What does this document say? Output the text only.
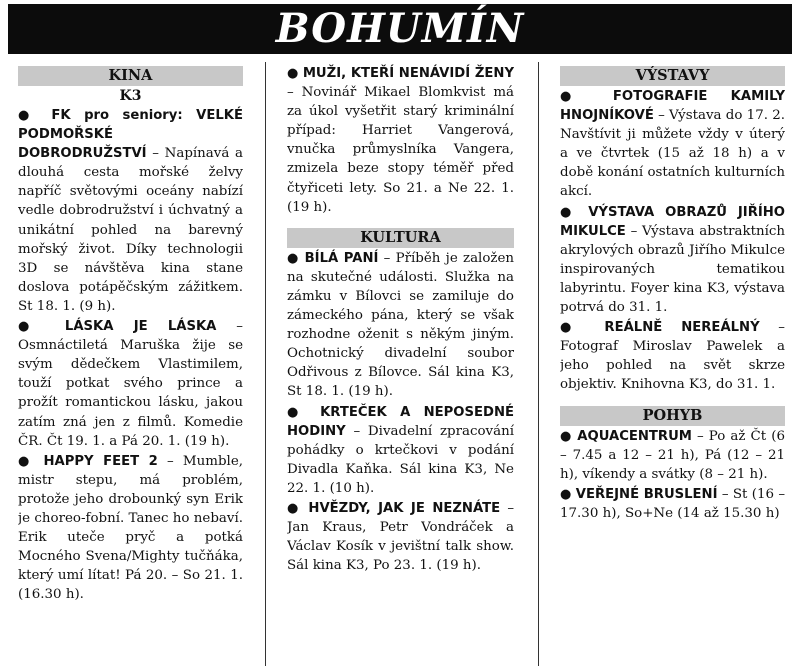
BOHUMÍN
KINA
K3

● FK pro seniory: VELKÉ PODMOŘSKÉ DOBRODRUŽSTVÍ – Napínavá a dlouhá cesta mořské želvy napříč světovými oceány nabízí vedle dobrodružství i úchvatný a unikátní pohled na barevný mořský život. Díky technologii 3D se návštěva kina stane doslova potápěčským zážitkem. St 18. 1. (9 h).

● LÁSKA JE LÁSKA – Osmnáctiletá Maruška žije se svým dědečkem Vlastimilem, touží potkat svého prince a prožít romantickou lásku, jakou zatím zná jen z filmů. Komedie ČR. Čt 19. 1. a Pá 20. 1. (19 h).

● HAPPY FEET 2 – Mumble, mistr stepu, má problém, protože jeho drobounký syn Erik je choreo-fobní. Tanec ho nebaví. Erik uteče pryč a potká Mocného Svena/Mighty tučňáka, který umí lítat! Pá 20. – So 21. 1. (16.30 h).

● MUŽI, KTEŘÍ NENÁVIDÍ ŽENY – Novinář Mikael Blomkvist má za úkol vyšetřit starý kriminální případ: Harriet Vangerová, vnučka průmyslníka Vangera, zmizela beze stopy téměř před čtyřiceti lety. So 21. a Ne 22. 1. (19 h).

KULTURA

● BÍLÁ PANÍ – Příběh je založen na skutečné události. Služka na zámku v Bílovci se zamiluje do zámeckého pána, který se však rozhodne oženit s někým jiným. Ochotnický divadelní soubor Odřivous z Bílovce. Sál kina K3, St 18. 1. (19 h).

● KRTEČEK A NEPOSEDNÉ HODINY – Divadelní zpracování pohádky o krtečkovi v podání Divadla Kaňka. Sál kina K3, Ne 22. 1. (10 h).

● HVĚZDY, JAK JE NEZNÁTE – Jan Kraus, Petr Vondráček a Václav Kosík v jevištní talk show. Sál kina K3, Po 23. 1. (19 h).

VÝSTAVY

● FOTOGRAFIE KAMILY HNOJNÍKOVÉ – Výstava do 17. 2. Navštívit ji můžete vždy v úterý a ve čtvrtek (15 až 18 h) a v době konání ostatních kulturních akcí.

● VÝSTAVA OBRAZŮ JIŘÍHO MIKULCE – Výstava abstraktních akrylových obrazů Jiřího Mikulce inspirovaných tematikou labyrintu. Foyer kina K3, výstava potrvá do 31. 1.

● REÁLNĚ NEREÁLNÝ – Fotograf Miroslav Pawelek a jeho pohled na svět skrze objektiv. Knihovna K3, do 31. 1.

POHYB

● AQUACENTRUM – Po až Čt (6 – 7.45 a 12 – 21 h), Pá (12 – 21 h), víkendy a svátky (8 – 21 h).

● VEŘEJNÉ BRUSLENÍ – St (16 – 17.30 h), So+Ne (14 až 15.30 h)
